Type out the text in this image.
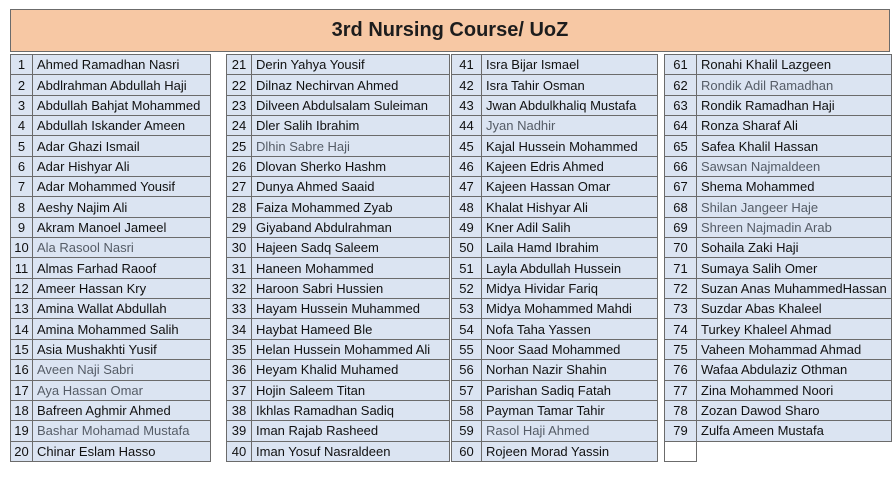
3rd Nursing Course/ UoZ
1	Ahmed Ramadhan Nasri
2	Abdlrahman Abdullah Haji
3	Abdullah Bahjat Mohammed
4	Abdullah Iskander Ameen
5	Adar Ghazi Ismail
6	Adar Hishyar Ali
7	Adar Mohammed Yousif
8	Aeshy Najim Ali
9	Akram Manoel Jameel
10	Ala Rasool Nasri
11	Almas Farhad Raoof
12	Ameer Hassan Kry
13	Amina Wallat Abdullah
14	Amina Mohammed Salih
15	Asia Mushakhti Yusif
16	Aveen Naji Sabri
17	Aya Hassan Omar
18	Bafreen Aghmir Ahmed
19	Bashar Mohamad Mustafa
20	Chinar Eslam Hasso
21	Derin Yahya Yousif
22	Dilnaz Nechirvan Ahmed
23	Dilveen Abdulsalam Suleiman
24	Dler Salih Ibrahim
25	Dlhin Sabre Haji
26	Dlovan Sherko Hashm
27	Dunya Ahmed Saaid
28	Faiza Mohammed Zyab
29	Giyaband Abdulrahman
30	Hajeen Sadq Saleem
31	Haneen Mohammed
32	Haroon Sabri Hussien
33	Hayam Hussein Muhammed
34	Haybat Hameed Ble
35	Helan Hussein Mohammed Ali
36	Heyam Khalid Muhamed
37	Hojin Saleem Titan
38	Ikhlas Ramadhan Sadiq
39	Iman Rajab Rasheed
40	Iman Yosuf Nasraldeen
41	Isra Bijar Ismael
42	Isra Tahir Osman
43	Jwan Abdulkhaliq Mustafa
44	Jyan Nadhir
45	Kajal Hussein Mohammed
46	Kajeen Edris Ahmed
47	Kajeen Hassan Omar
48	Khalat Hishyar Ali
49	Kner Adil Salih
50	Laila Hamd Ibrahim
51	Layla Abdullah Hussein
52	Midya Hividar Fariq
53	Midya Mohammed Mahdi
54	Nofa Taha Yassen
55	Noor Saad Mohammed
56	Norhan Nazir Shahin
57	Parishan Sadiq Fatah
58	Payman Tamar Tahir
59	Rasol Haji Ahmed
60	Rojeen Morad Yassin
61	Ronahi Khalil Lazgeen
62	Rondik Adil Ramadhan
63	Rondik Ramadhan Haji
64	Ronza Sharaf Ali
65	Safea Khalil Hassan
66	Sawsan Najmaldeen
67	Shema Mohammed
68	Shilan Jangeer Haje
69	Shreen Najmadin Arab
70	Sohaila Zaki Haji
71	Sumaya Salih Omer
72	Suzan Anas MuhammedHassan
73	Suzdar Abas Khaleel
74	Turkey Khaleel Ahmad
75	Vaheen Mohammad Ahmad
76	Wafaa Abdulaziz Othman
77	Zina Mohammed Noori
78	Zozan Dawod Sharo
79	Zulfa Ameen Mustafa
